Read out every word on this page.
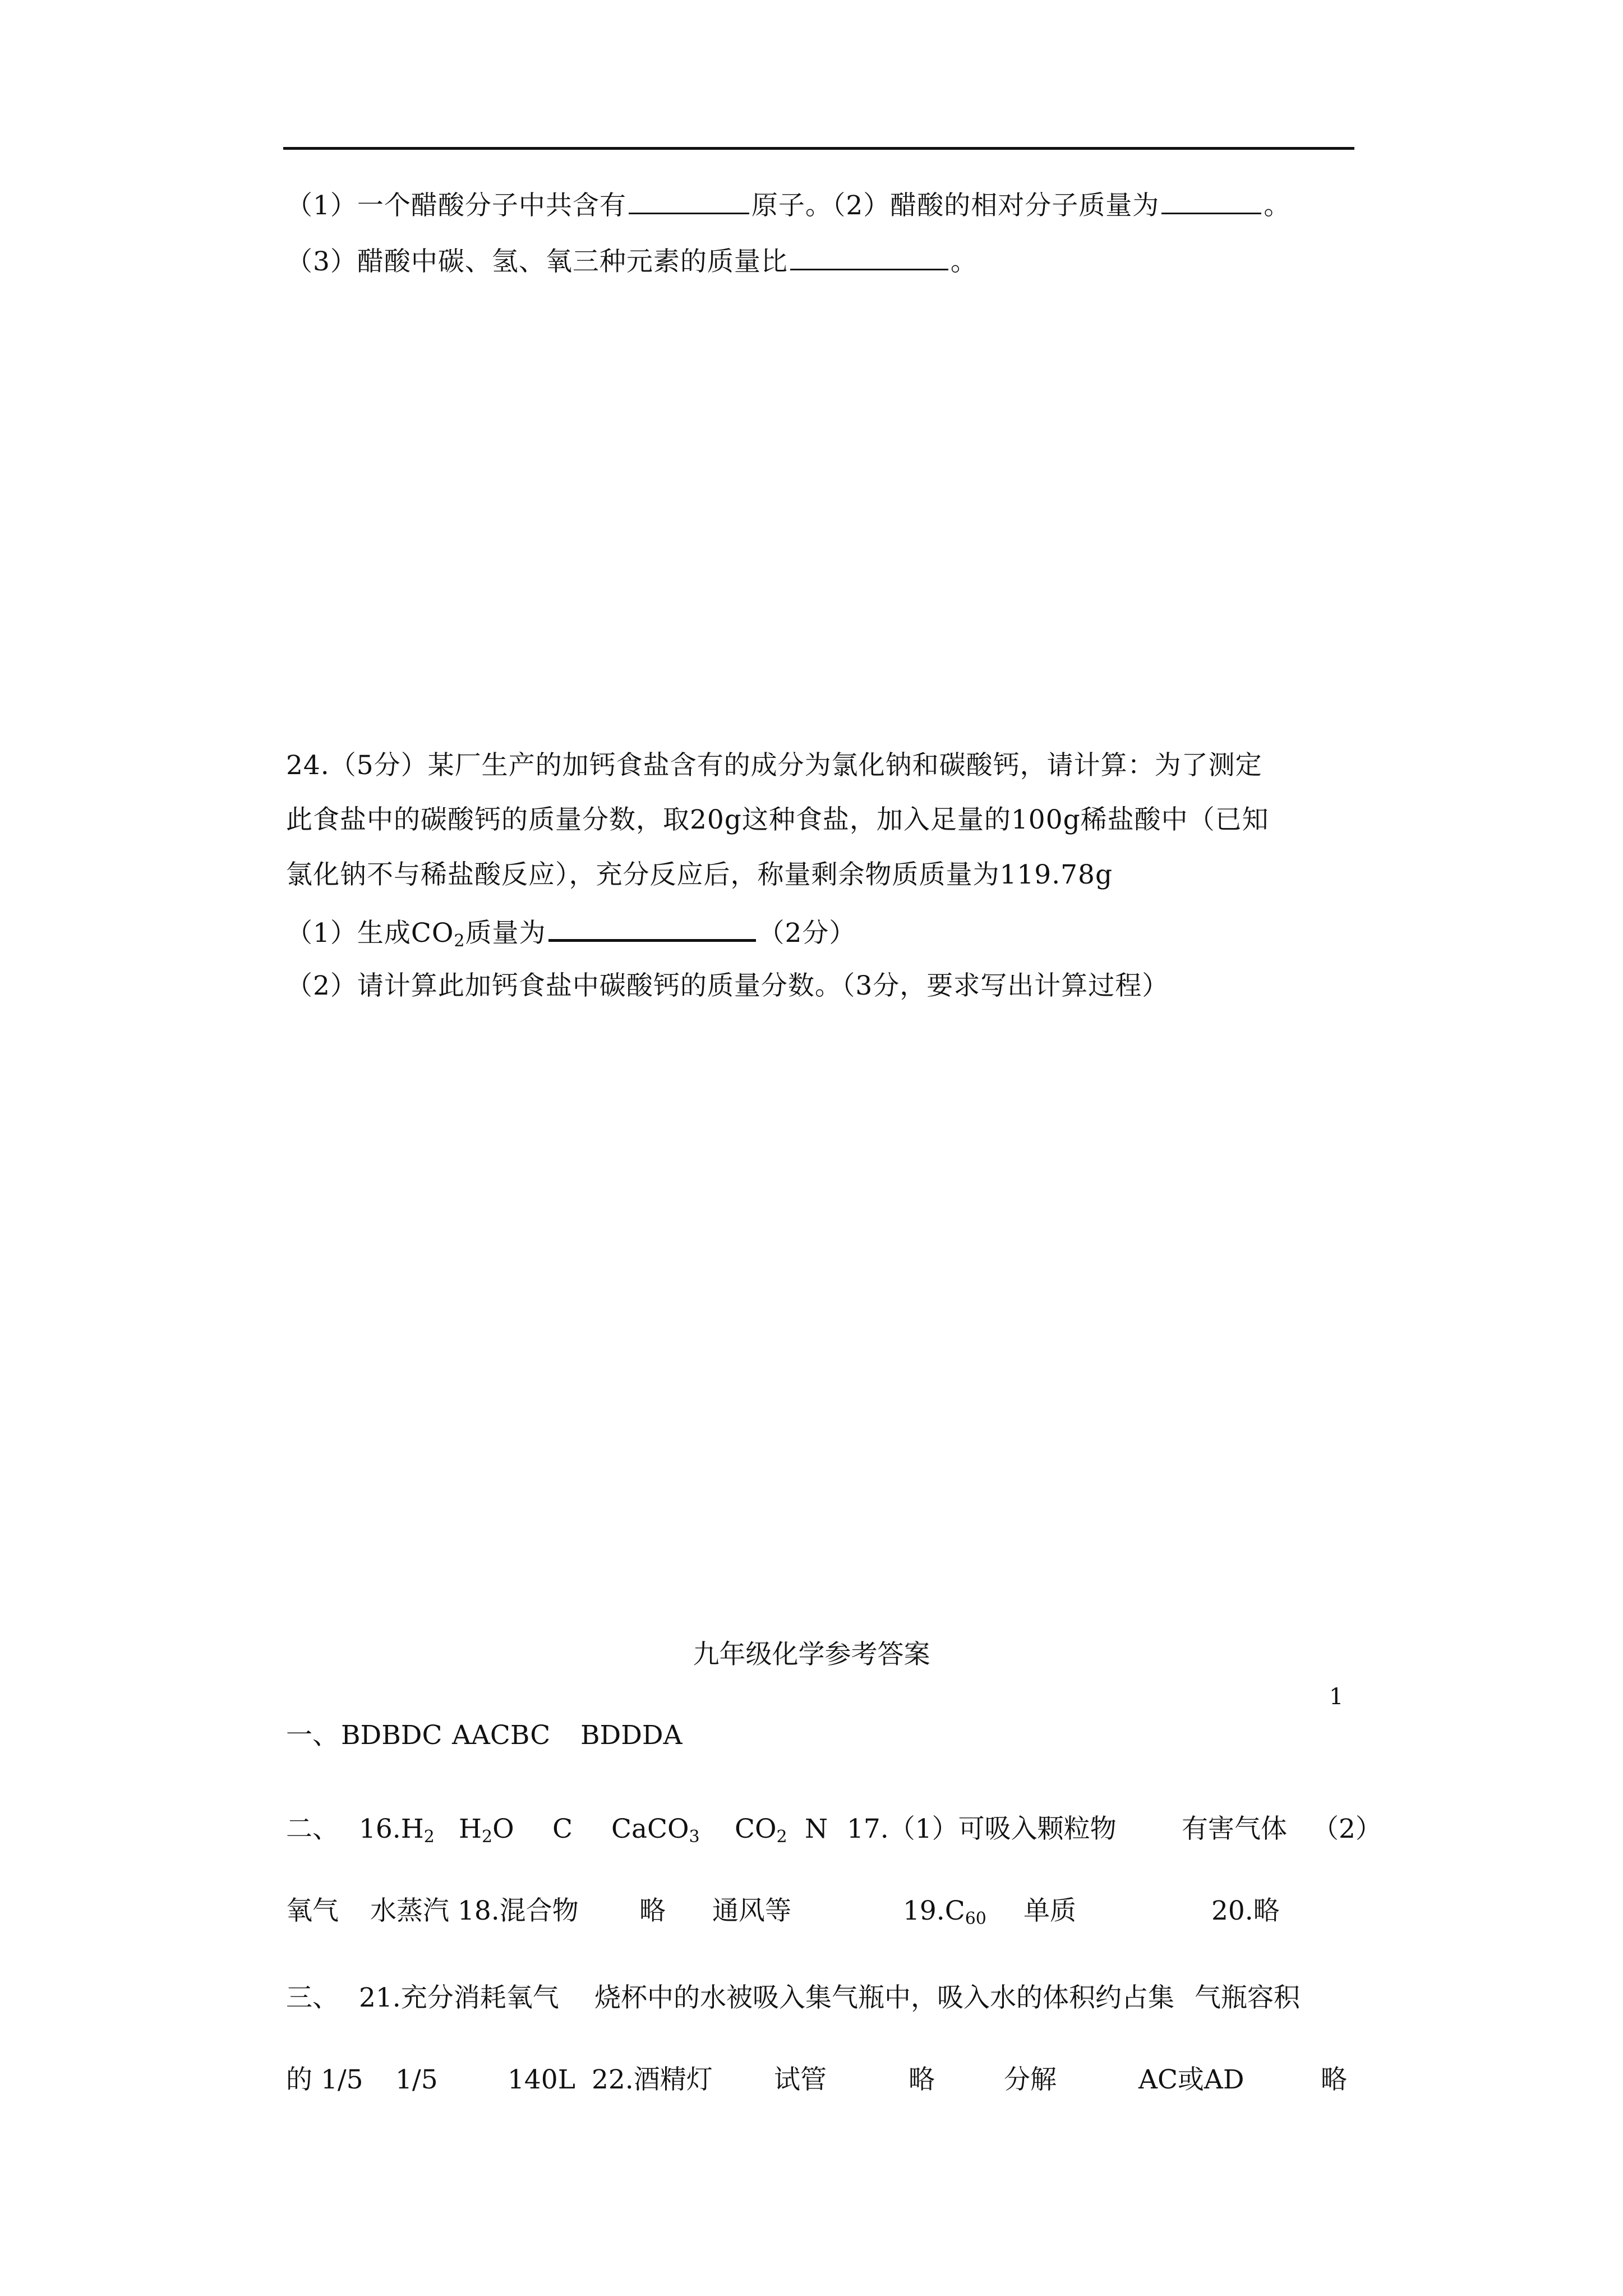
（1）一个醋酸分子中共含有	原子。（2）醋酸的相对分子质量为	。
（3）醋酸中碳、氢、氧三种元素的质量比	。
24.（5分）某厂生产的加钙食盐含有的成分为氯化钠和碳酸钙，请计算：为了测定
此食盐中的碳酸钙的质量分数，取20g这种食盐，加入足量的100g稀盐酸中（已知
氯化钠不与稀盐酸反应），充分反应后，称量剩余物质质量为119.78g
（1）生成$CO_2$质量为	（2分）
（2）请计算此加钙食盐中碳酸钙的质量分数。（3分，要求写出计算过程）
九年级化学参考答案
一、 BDBDC AACBC BDDDA
二、 $16.H_2$ $H_2O$ C CaCO$_3$ $CO_2$ N 17.（1）可吸入颗粒物 有害气体 （2）
氧气 水蒸汽 18.混合物 略 通风等	$19.C_{60}$ 单质	20.略
三、 21.充分消耗氧气 烧杯中的水被吸入集气瓶中，吸入水的体积约占集 气瓶容积
的 1/5 1/5	140L 22.酒精灯 试管	略	分解	AC或AD	略
1
